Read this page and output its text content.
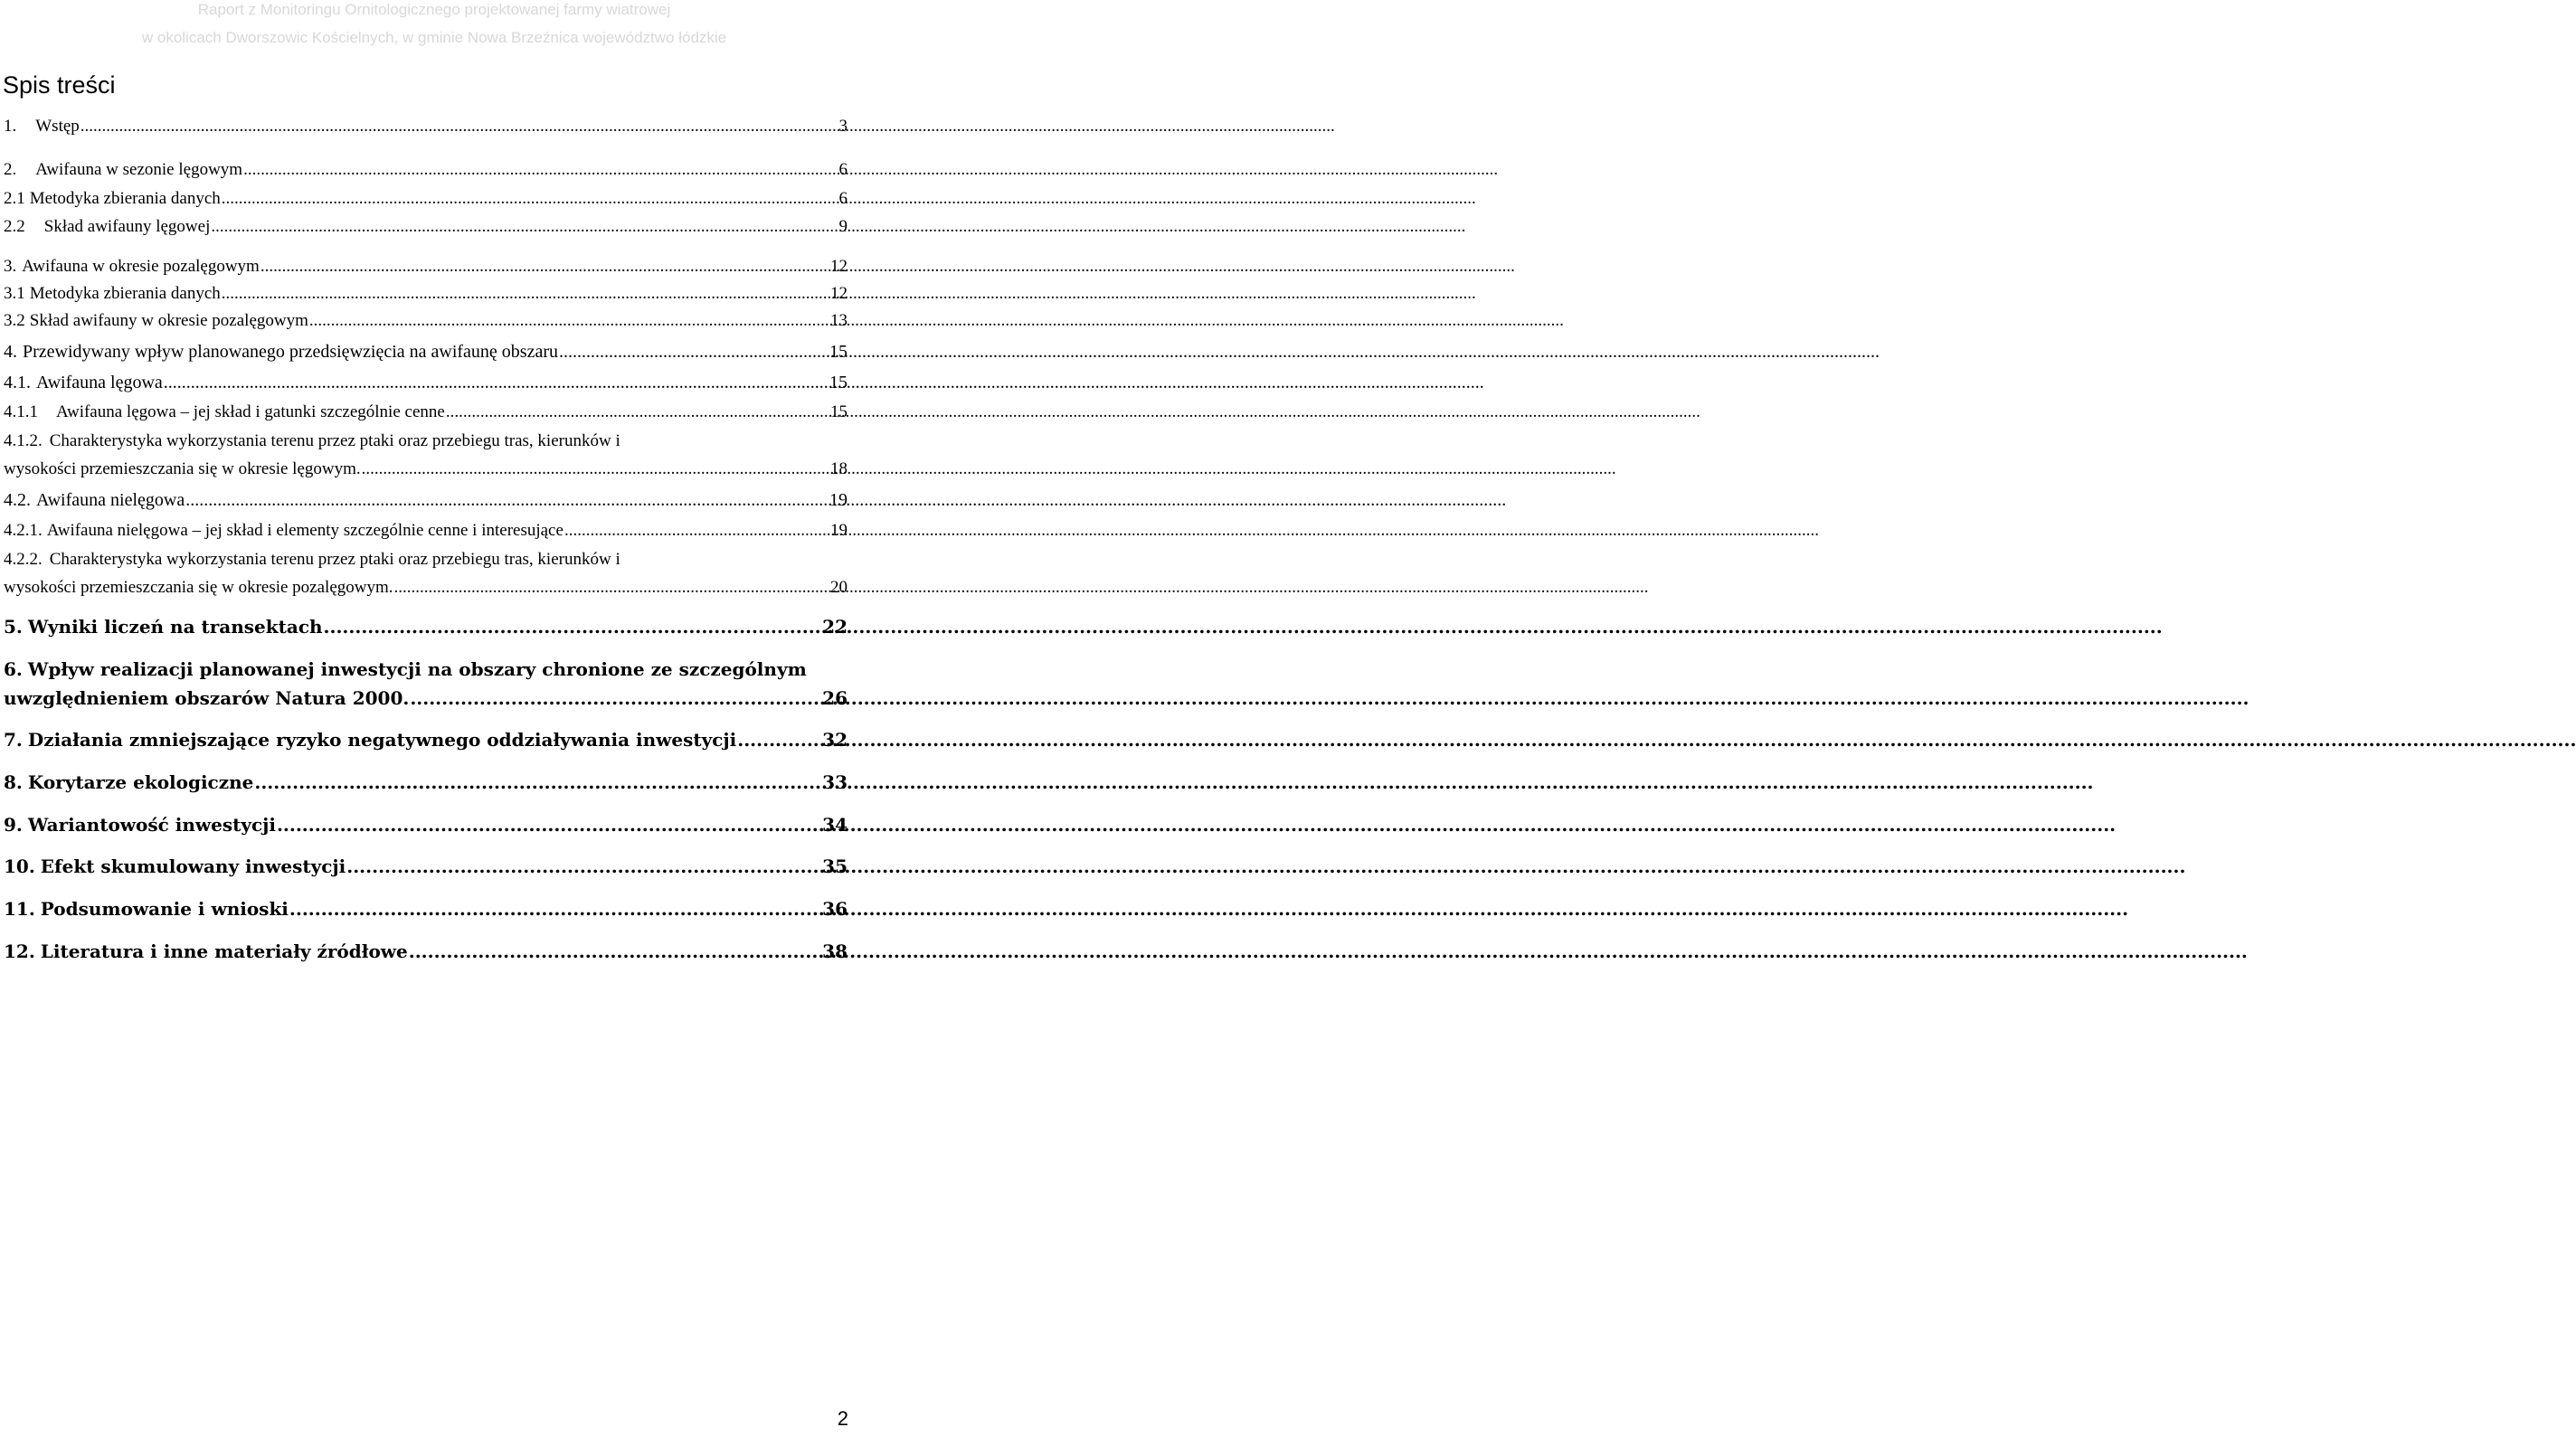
Raport z Monitoringu Ornitologicznego projektowanej farmy wiatrowej
w okolicach Dworszowic Kościelnych, w gminie Nowa Brzeźnica województwo łódzkie
Spis treści
1. Wstęp .....	3
2. Awifauna w sezonie lęgowym .....	6
2.1 Metodyka zbierania danych .....	6
2.2 Skład awifauny lęgowej .....	9
3. Awifauna w okresie pozalęgowym .....	12
3.1 Metodyka zbierania danych .....	12
3.2 Skład awifauny w okresie pozalęgowym .....	13
4. Przewidywany wpływ planowanego przedsięwzięcia na awifaunę obszaru .....	15
4.1. Awifauna lęgowa .....	15
4.1.1 Awifauna lęgowa – jej skład i gatunki szczególnie cenne .....	15
4.1.2. Charakterystyka wykorzystania terenu przez ptaki oraz przebiegu tras, kierunków i
wysokości przemieszczania się w okresie lęgowym. .....	18
4.2. Awifauna nielęgowa .....	19
4.2.1. Awifauna nielęgowa – jej skład i elementy szczególnie cenne i interesujące .....	19
4.2.2. Charakterystyka wykorzystania terenu przez ptaki oraz przebiegu tras, kierunków i
wysokości przemieszczania się w okresie pozalęgowym. .....	20
5. Wyniki liczeń na transektach .....	22
6. Wpływ realizacji planowanej inwestycji na obszary chronione ze szczególnym
uwzględnieniem obszarów Natura 2000. .....	26
7. Działania zmniejszające ryzyko negatywnego oddziaływania inwestycji .....	32
8. Korytarze ekologiczne .....	33
9. Wariantowość inwestycji .....	34
10. Efekt skumulowany inwestycji .....	35
11. Podsumowanie i wnioski .....	36
12. Literatura i inne materiały źródłowe .....	38
2
